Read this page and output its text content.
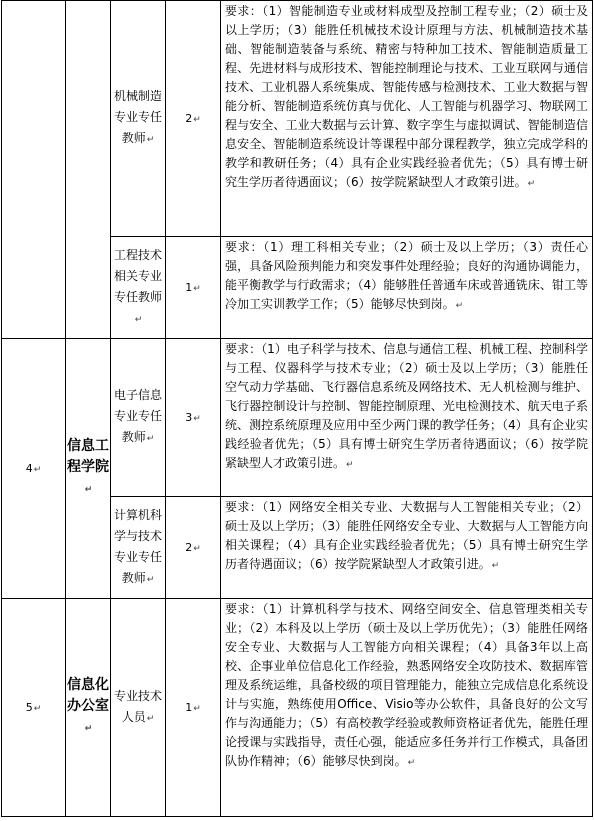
		机械制造专业专任教师↵	2↵	要求：（1）智能制造专业或材料成型及控制工程专业；（2）硕士及以上学历；（3）能胜任机械技术设计原理与方法、机械制造技术基础、智能制造装备与系统、精密与特种加工技术、智能制造质量工程、先进材料与成形技术、智能控制理论与技术、工业互联网与通信技术、工业机器人系统集成、智能传感与检测技术、工业大数据与智能分析、智能制造系统仿真与优化、人工智能与机器学习、物联网工程与安全、工业大数据与云计算、数字孪生与虚拟调试、智能制造信息安全、智能制造系统设计等课程中部分课程教学，独立完成学科的教学和教研任务；（4）具有企业实践经验者优先；（5）具有博士研究生学历者待遇面议；（6）按学院紧缺型人才政策引进。↵
		工程技术相关专业专任教师↵	1↵	要求：（1）理工科相关专业；（2）硕士及以上学历；（3）责任心强，具备风险预判能力和突发事件处理经验；良好的沟通协调能力，能平衡教学与行政需求；（4）能够胜任普通车床或普通铣床、钳工等冷加工实训教学工作；（5）能够尽快到岗。↵
4↵	信息工程学院↵	电子信息专业专任教师↵	3↵	要求：（1）电子科学与技术、信息与通信工程、机械工程、控制科学与工程、仪器科学与技术专业；（2）硕士及以上学历；（3）能胜任空气动力学基础、飞行器信息系统及网络技术、无人机检测与维护、飞行器控制设计与控制、智能控制原理、光电检测技术、航天电子系统、测控系统原理及应用中至少两门课的教学任务；（4）具有企业实践经验者优先；（5）具有博士研究生学历者待遇面议；（6）按学院紧缺型人才政策引进。↵
		计算机科学与技术专业专任教师↵	2↵	要求：（1）网络安全相关专业、大数据与人工智能相关专业；（2）硕士及以上学历；（3）能胜任网络安全专业、大数据与人工智能方向相关课程；（4）具有企业实践经验者优先；（5）具有博士研究生学历者待遇面议；（6）按学院紧缺型人才政策引进。↵
5↵	信息化办公室↵	专业技术人员↵	1↵	要求：（1）计算机科学与技术、网络空间安全、信息管理类相关专业；（2）本科及以上学历（硕士及以上学历优先）；（3）能胜任网络安全专业、大数据与人工智能方向相关课程；（4）具备3年以上高校、企事业单位信息化工作经验，熟悉网络安全攻防技术、数据库管理及系统运维，具备校级的项目管理能力，能独立完成信息化系统设计与实施，熟练使用Office、Visio等办公软件，具备良好的公文写作与沟通能力；（5）有高校教学经验或教师资格证者优先，能胜任理论授课与实践指导，责任心强，能适应多任务并行工作模式，具备团队协作精神；（6）能够尽快到岗。↵
